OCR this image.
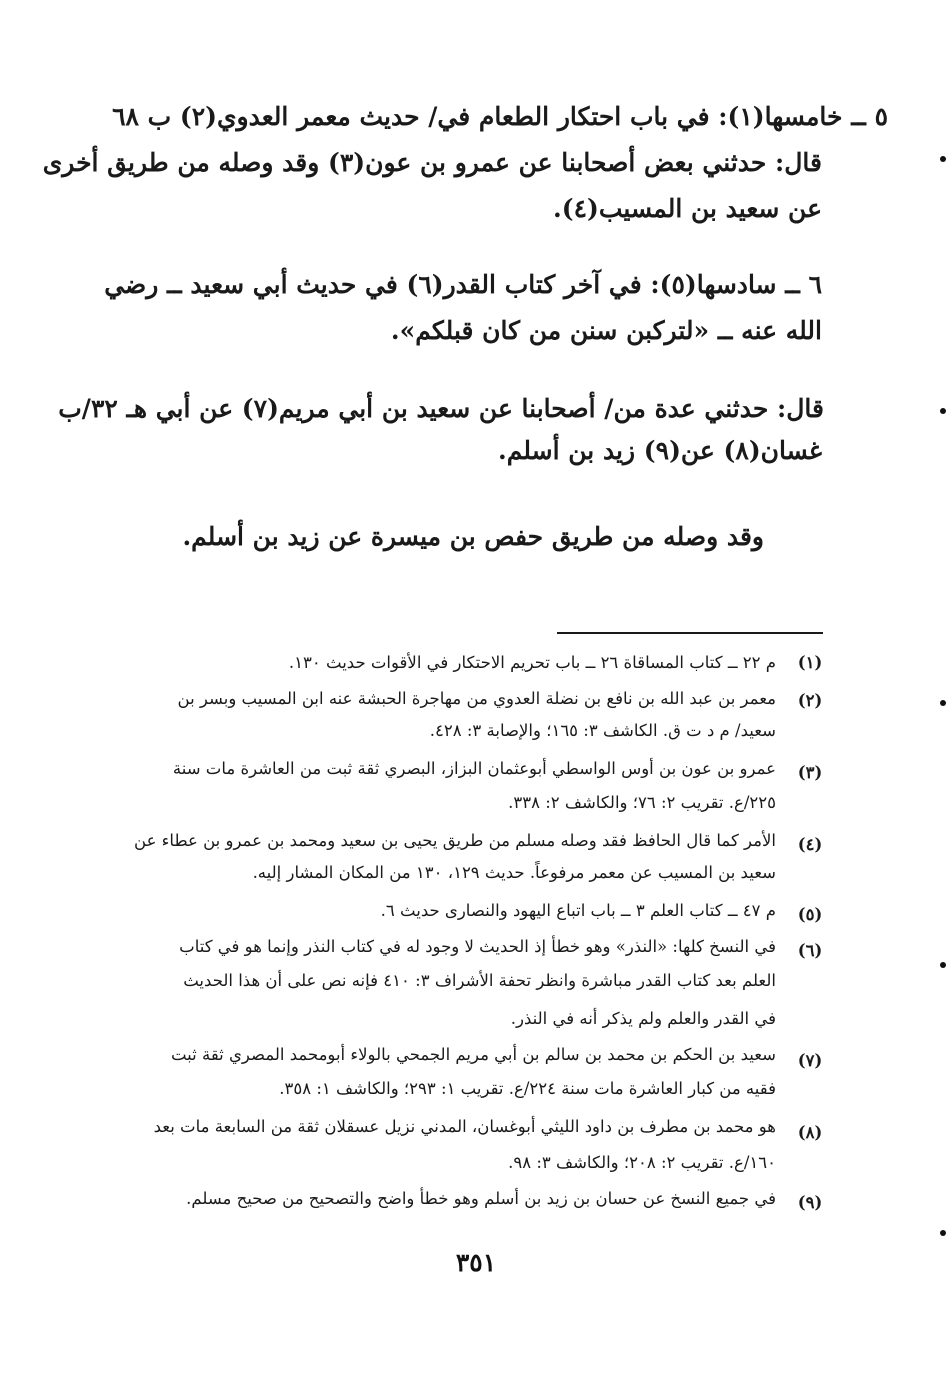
٥ ــ خامسها(١): في باب احتكار الطعام في/ حديث معمر العدوي(٢) ب ٦٨
قال: حدثني بعض أصحابنا عن عمرو بن عون(٣) وقد وصله من طريق أخرى
عن سعيد بن المسيب(٤).
٦ ــ سادسها(٥): في آخر كتاب القدر(٦) في حديث أبي سعيد ــ رضي
الله عنه ــ «لتركبن سنن من كان قبلكم».
قال: حدثني عدة من/ أصحابنا عن سعيد بن أبي مريم(٧) عن أبي هـ ٣٢/ب
غسان(٨) عن(٩) زيد بن أسلم.
وقد وصله من طريق حفص بن ميسرة عن زيد بن أسلم.
(١)
م ٢٢ ــ كتاب المساقاة ٢٦ ــ باب تحريم الاحتكار في الأقوات حديث ١٣٠.
(٢)
معمر بن عبد الله بن نافع بن نضلة العدوي من مهاجرة الحبشة عنه ابن المسيب وبسر بن
سعيد/ م د ت ق. الكاشف ٣: ١٦٥؛ والإصابة ٣: ٤٢٨.
(٣)
عمرو بن عون بن أوس الواسطي أبوعثمان البزاز، البصري ثقة ثبت من العاشرة مات سنة
٢٢٥/ع. تقريب ٢: ٧٦؛ والكاشف ٢: ٣٣٨.
(٤)
الأمر كما قال الحافظ فقد وصله مسلم من طريق يحيى بن سعيد ومحمد بن عمرو بن عطاء عن
سعيد بن المسيب عن معمر مرفوعاً. حديث ١٢٩، ١٣٠ من المكان المشار إليه.
(٥)
م ٤٧ ــ كتاب العلم ٣ ــ باب اتباع اليهود والنصارى حديث ٦.
(٦)
في النسخ كلها: «النذر» وهو خطأ إذ الحديث لا وجود له في كتاب النذر وإنما هو في كتاب
العلم بعد كتاب القدر مباشرة وانظر تحفة الأشراف ٣: ٤١٠ فإنه نص على أن هذا الحديث
في القدر والعلم ولم يذكر أنه في النذر.
(٧)
سعيد بن الحكم بن محمد بن سالم بن أبي مريم الجمحي بالولاء أبومحمد المصري ثقة ثبت
فقيه من كبار العاشرة مات سنة ٢٢٤/ع. تقريب ١: ٢٩٣؛ والكاشف ١: ٣٥٨.
(٨)
هو محمد بن مطرف بن داود الليثي أبوغسان، المدني نزيل عسقلان ثقة من السابعة مات بعد
١٦٠/ع. تقريب ٢: ٢٠٨؛ والكاشف ٣: ٩٨.
(٩)
في جميع النسخ عن حسان بن زيد بن أسلم وهو خطأ واضح والتصحيح من صحيح مسلم.
٣٥١
